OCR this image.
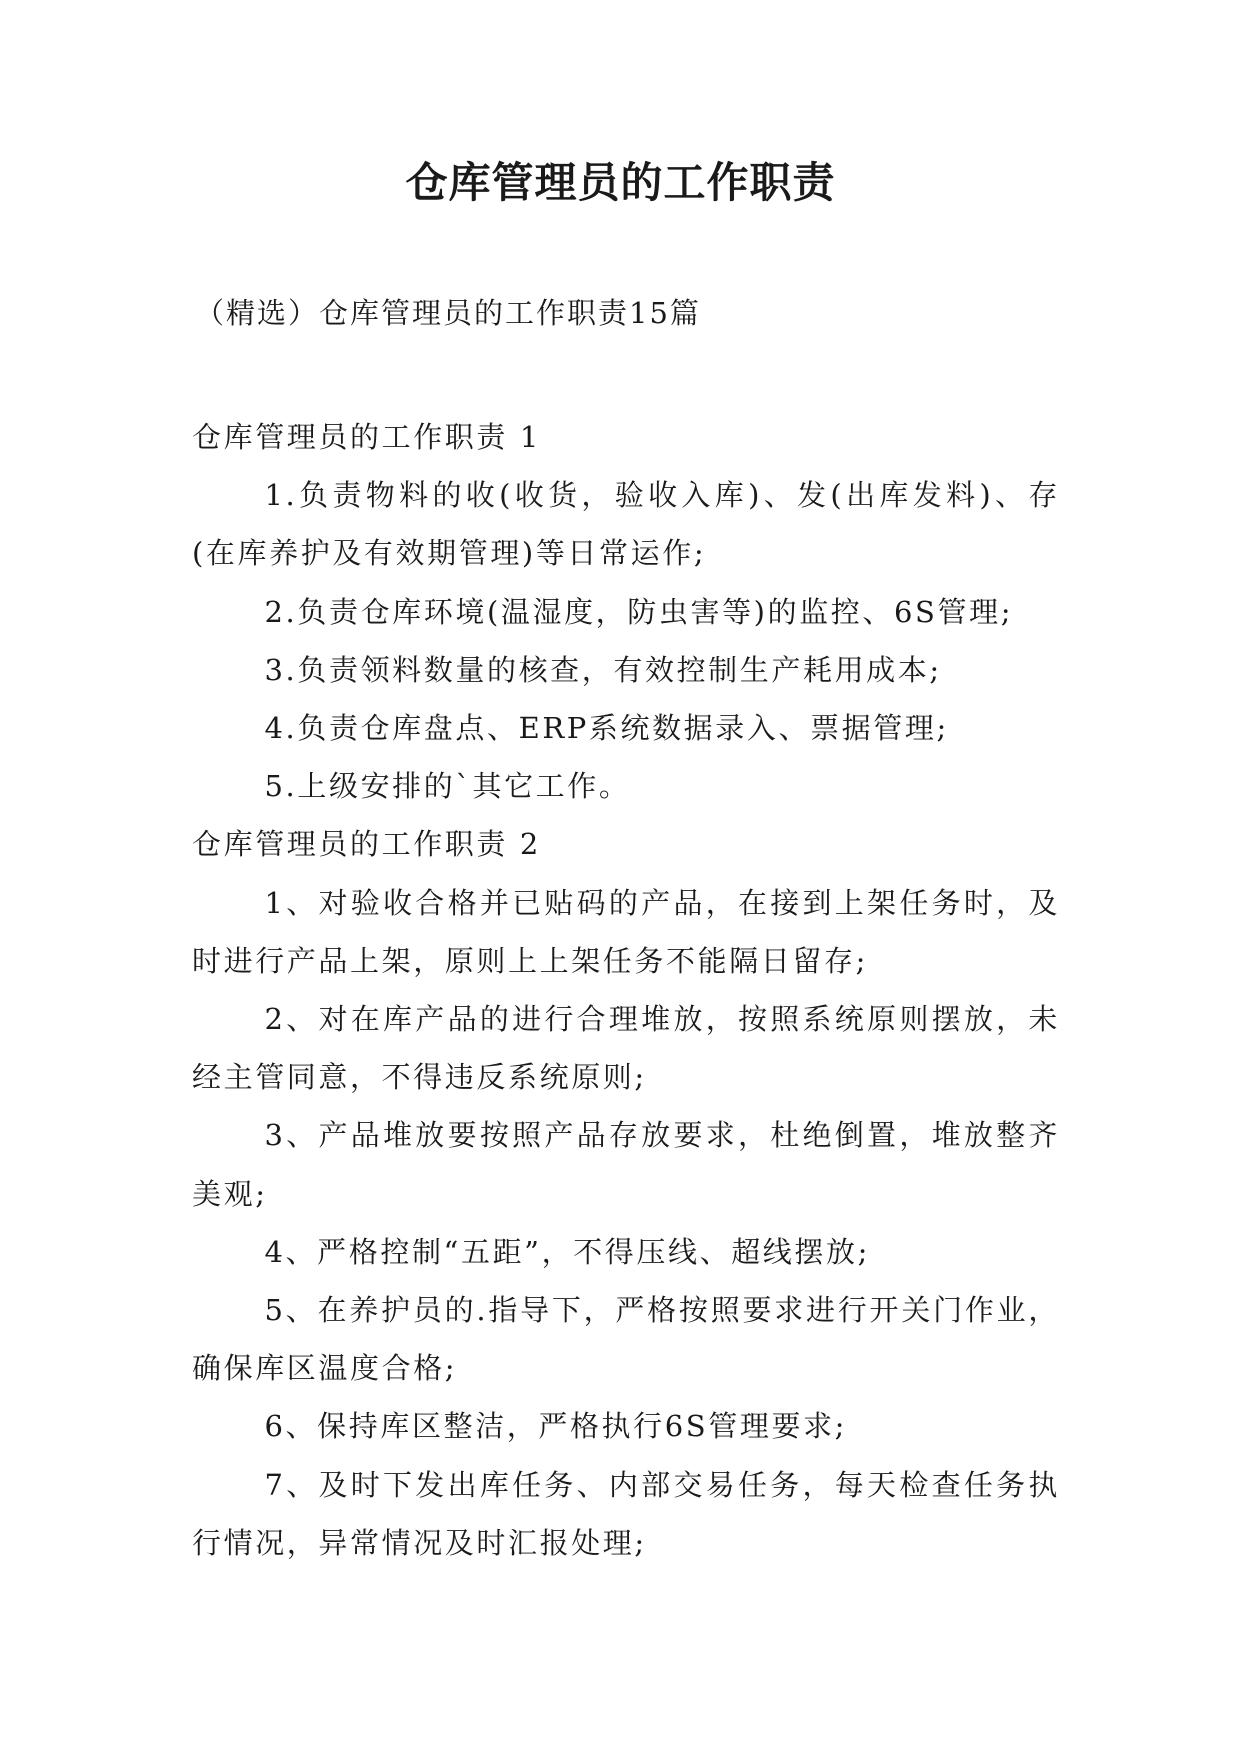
仓库管理员的工作职责
（精选）仓库管理员的工作职责15篇

仓库管理员的工作职责 1

1.负责物料的收(收货，验收入库)、发(出库发料)、存(在库养护及有效期管理)等日常运作;

2.负责仓库环境(温湿度，防虫害等)的监控、6S管理;

3.负责领料数量的核查，有效控制生产耗用成本;

4.负责仓库盘点、ERP系统数据录入、票据管理;

5.上级安排的`其它工作。

仓库管理员的工作职责 2

1、对验收合格并已贴码的产品，在接到上架任务时，及时进行产品上架，原则上上架任务不能隔日留存;

2、对在库产品的进行合理堆放，按照系统原则摆放，未经主管同意，不得违反系统原则;

3、产品堆放要按照产品存放要求，杜绝倒置，堆放整齐美观;

4、严格控制“五距”，不得压线、超线摆放;

5、在养护员的.指导下，严格按照要求进行开关门作业，确保库区温度合格;

6、保持库区整洁，严格执行6S管理要求;

7、及时下发出库任务、内部交易任务，每天检查任务执行情况，异常情况及时汇报处理;
